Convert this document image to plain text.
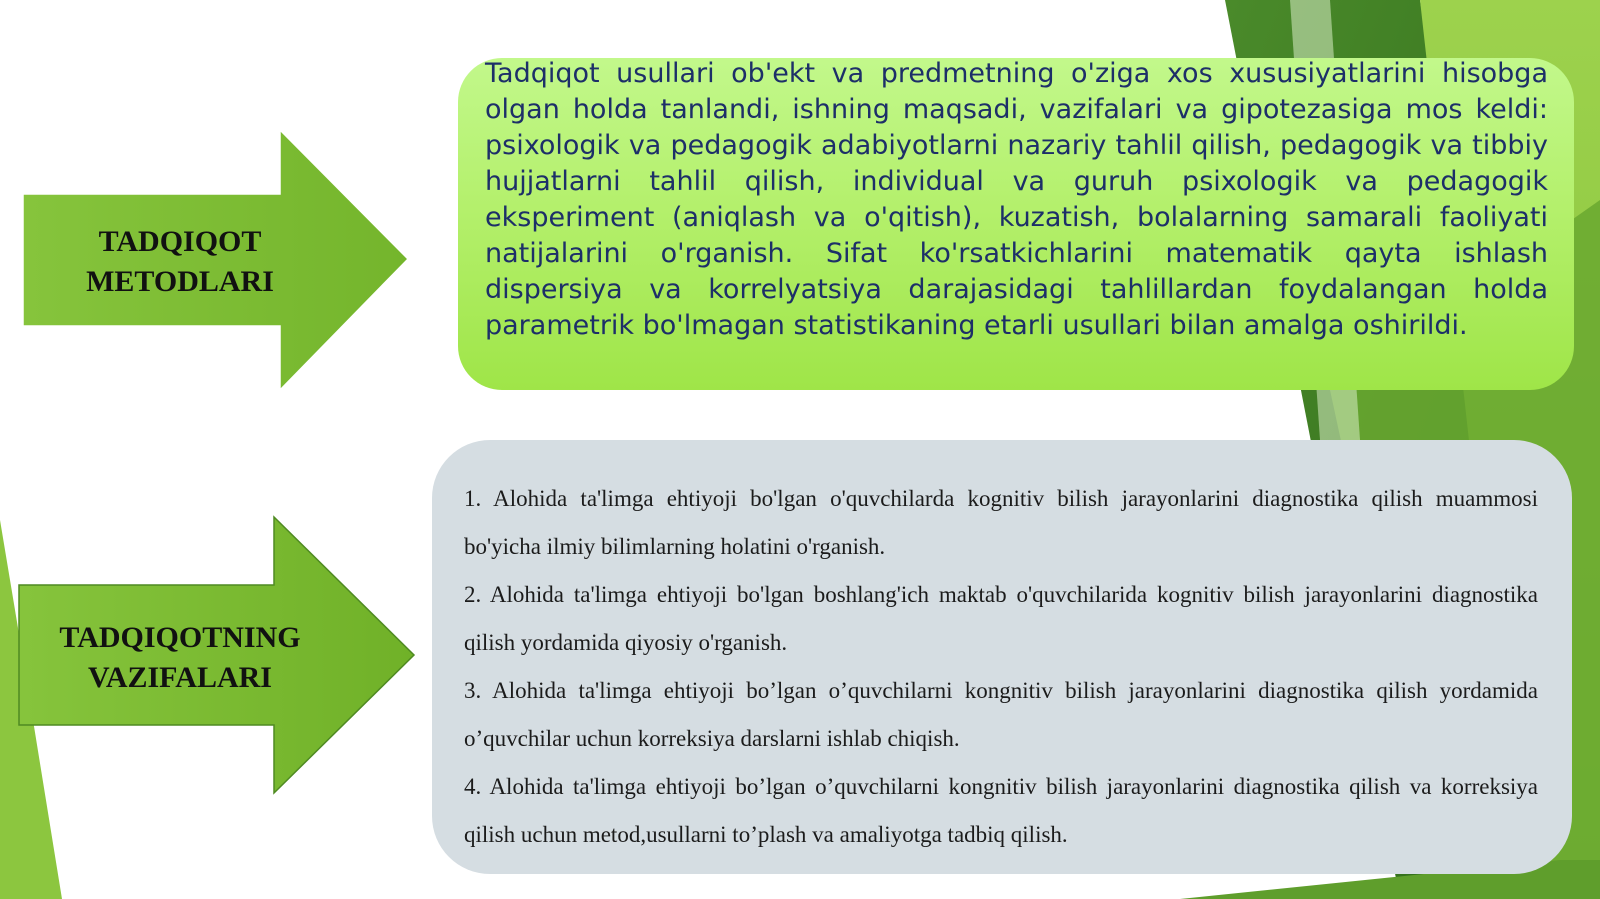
TADQIQOT
METODLARI
TADQIQOTNING
VAZIFALARI

Tadqiqot usullari ob'ekt va predmetning o'ziga xos xususiyatlarini hisobga olgan holda tanlandi, ishning maqsadi, vazifalari va gipotezasiga mos keldi: psixologik va pedagogik adabiyotlarni nazariy tahlil qilish, pedagogik va tibbiy hujjatlarni tahlil qilish, individual va guruh psixologik va pedagogik eksperiment (aniqlash va o'qitish), kuzatish, bolalarning samarali faoliyati natijalarini o'rganish. Sifat ko'rsatkichlarini matematik qayta ishlash dispersiya va korrelyatsiya darajasidagi tahlillardan foydalangan holda parametrik bo'lmagan statistikaning etarli usullari bilan amalga oshirildi.

1. Alohida ta'limga ehtiyoji bo'lgan o'quvchilarda kognitiv bilish jarayonlarini diagnostika qilish muammosi bo'yicha ilmiy bilimlarning holatini o'rganish.
2. Alohida ta'limga ehtiyoji bo'lgan boshlang'ich maktab o'quvchilarida kognitiv bilish jarayonlarini diagnostika qilish yordamida qiyosiy o'rganish.
3. Alohida ta'limga ehtiyoji bo’lgan o’quvchilarni kongnitiv bilish jarayonlarini diagnostika qilish yordamida o’quvchilar uchun korreksiya darslarni ishlab chiqish.
4. Alohida ta'limga ehtiyoji bo’lgan o’quvchilarni kongnitiv bilish jarayonlarini diagnostika qilish va korreksiya qilish uchun metod,usullarni to’plash va amaliyotga tadbiq qilish.
